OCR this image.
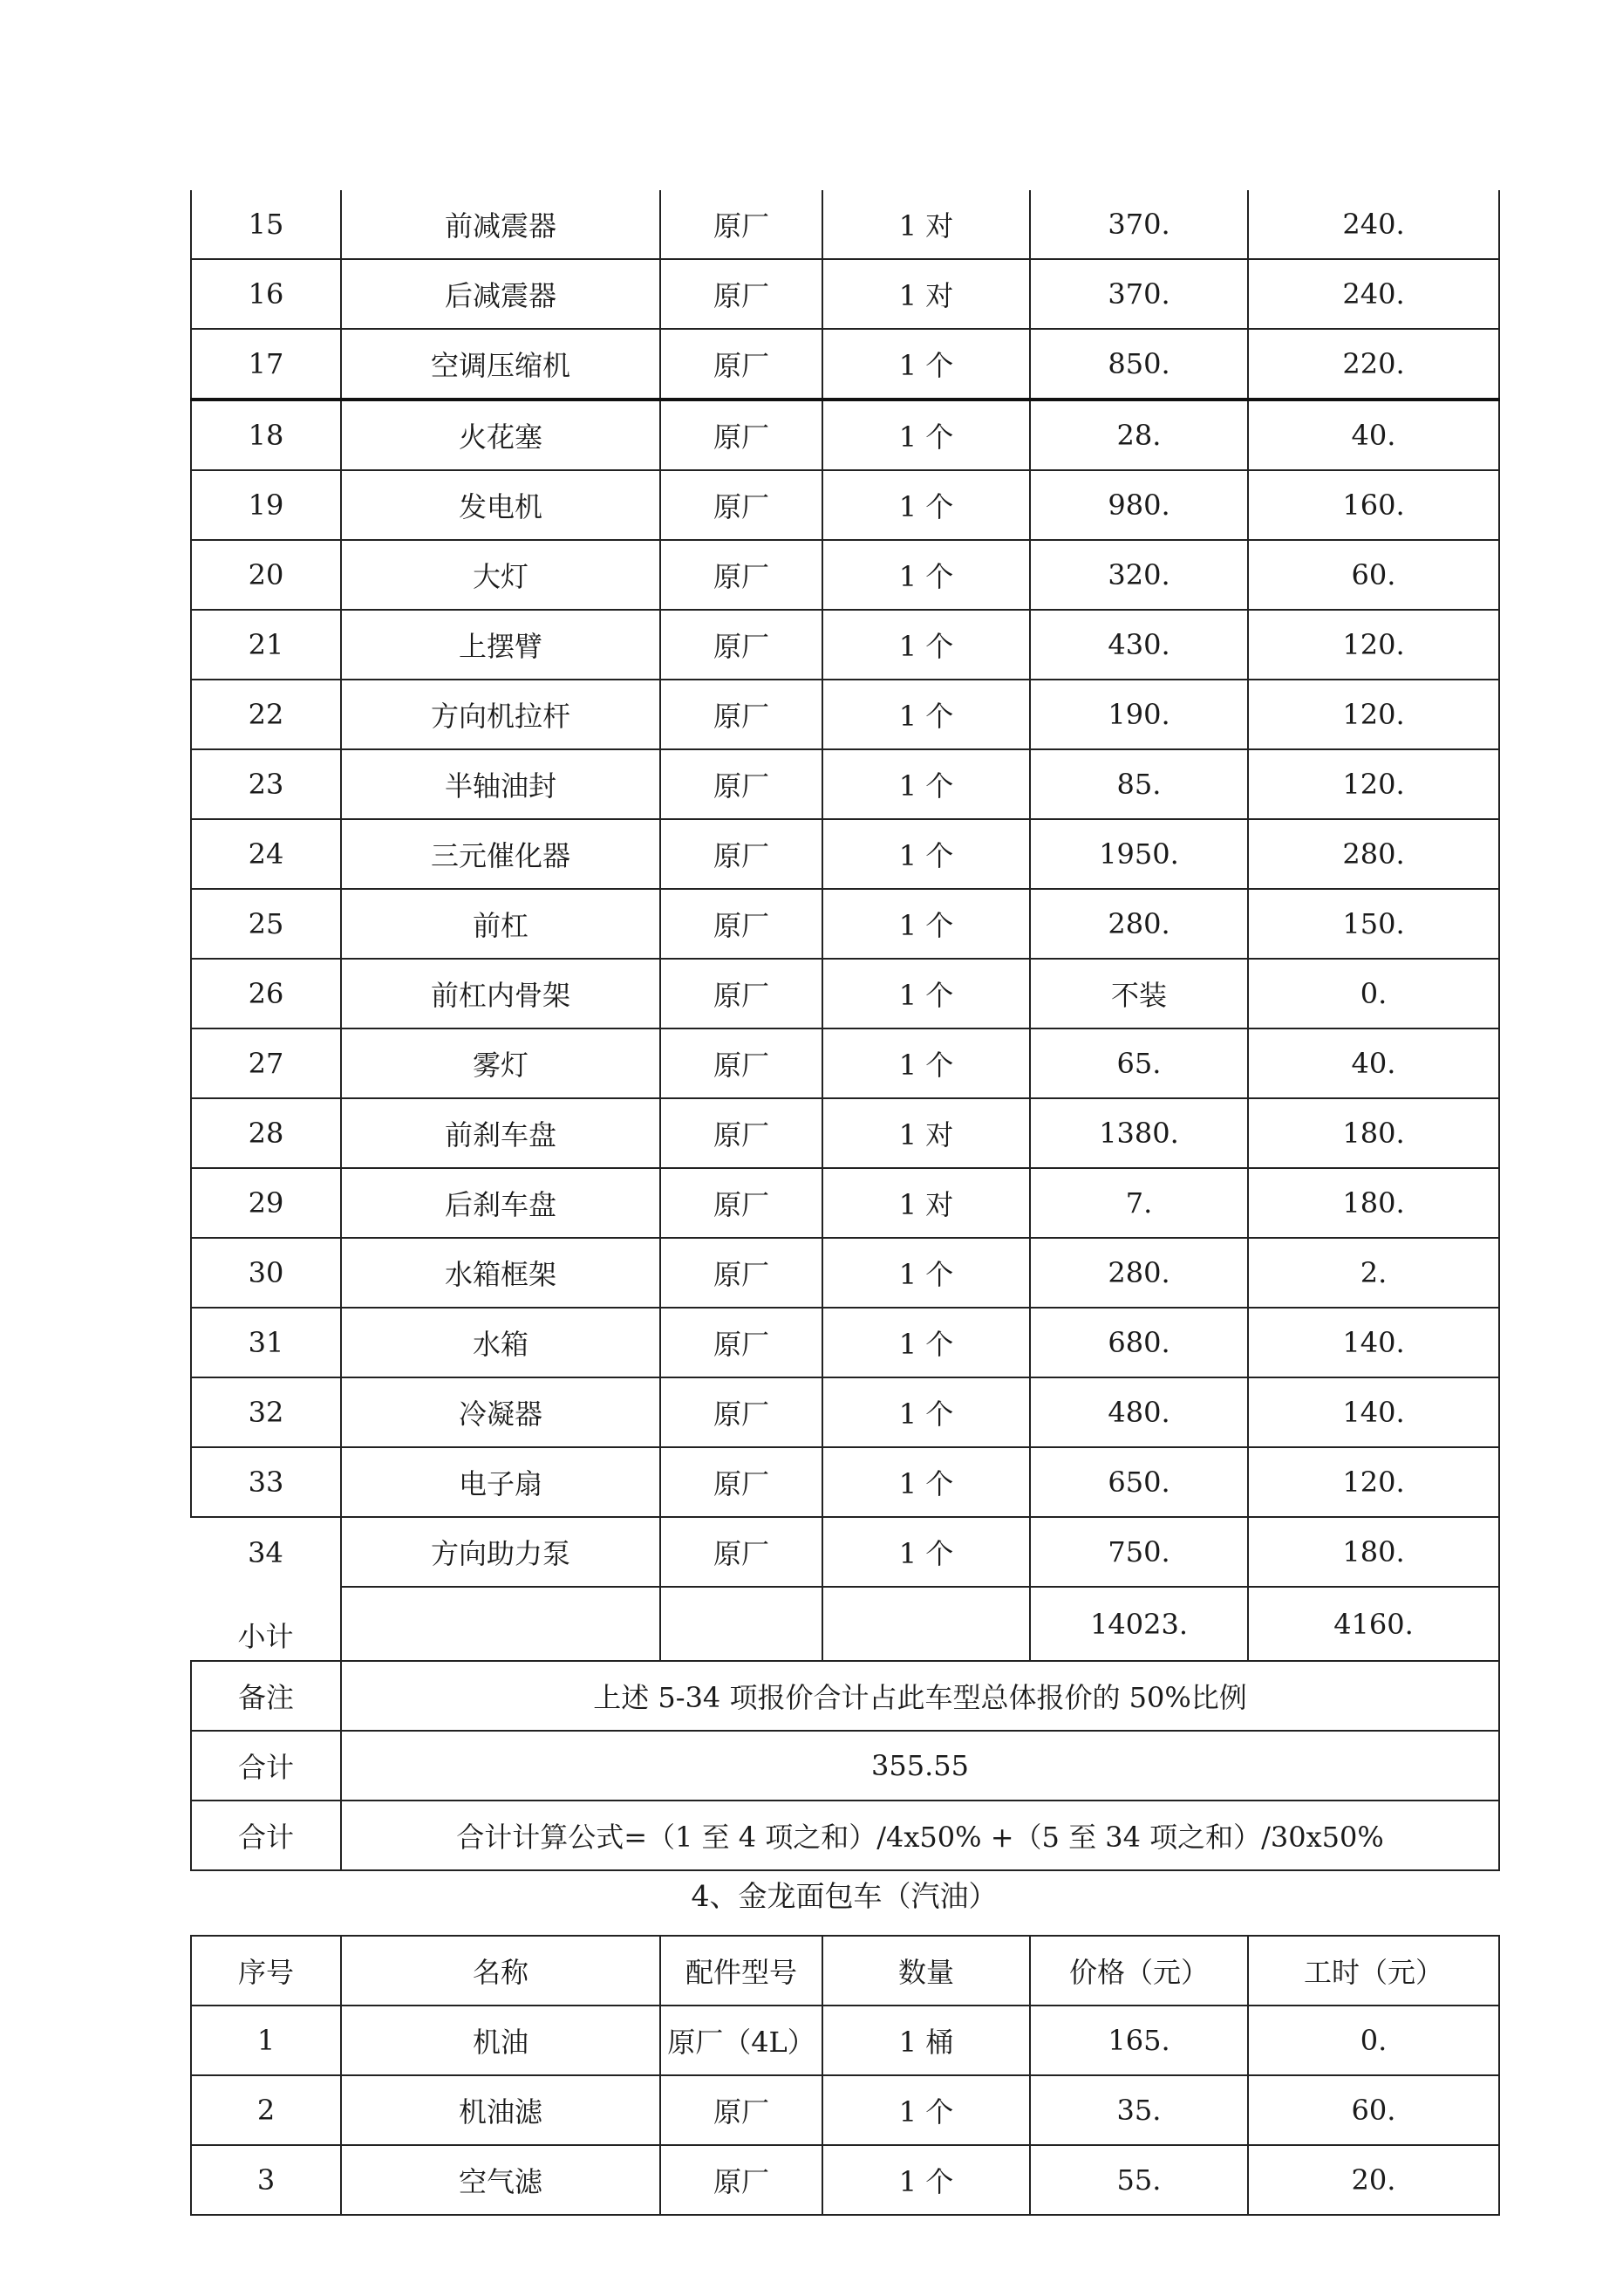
15	前减震器	原厂	1 对	370.	240.
16	后减震器	原厂	1 对	370.	240.
17	空调压缩机	原厂	1 个	850.	220.
18	火花塞	原厂	1 个	28.	40.
19	发电机	原厂	1 个	980.	160.
20	大灯	原厂	1 个	320.	60.
21	上摆臂	原厂	1 个	430.	120.
22	方向机拉杆	原厂	1 个	190.	120.
23	半轴油封	原厂	1 个	85.	120.
24	三元催化器	原厂	1 个	1950.	280.
25	前杠	原厂	1 个	280.	150.
26	前杠内骨架	原厂	1 个	不装	0.
27	雾灯	原厂	1 个	65.	40.
28	前刹车盘	原厂	1 对	1380.	180.
29	后刹车盘	原厂	1 对	7.	180.
30	水箱框架	原厂	1 个	280.	2.
31	水箱	原厂	1 个	680.	140.
32	冷凝器	原厂	1 个	480.	140.
33	电子扇	原厂	1 个	650.	120.
34	方向助力泵	原厂	1 个	750.	180.
小计				14023.	4160.
备注	上述 5-34 项报价合计占此车型总体报价的 50%比例				
合计	355.55				
合计	合计计算公式=（1 至 4 项之和）/4x50% +（5 至 34 项之和）/30x50%				
4、金龙面包车（汽油）
序号	名称	配件型号	数量	价格（元）	工时（元）
1	机油	原厂（4L）	1 桶	165.	0.
2	机油滤	原厂	1 个	35.	60.
3	空气滤	原厂	1 个	55.	20.
